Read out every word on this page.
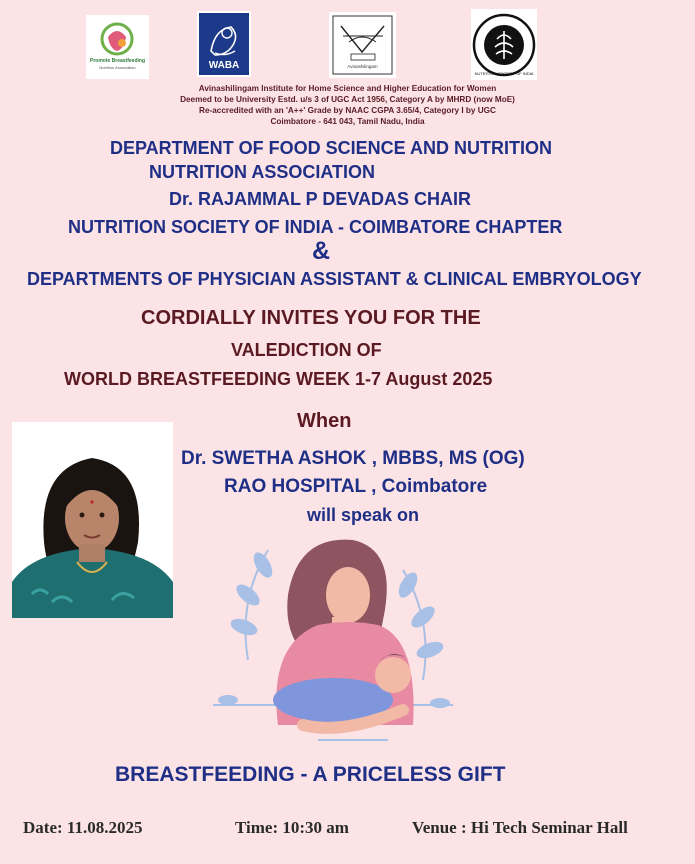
Promote Breastfeeding
Nutrition Association	WABA	Avinashilingam
NUTRITION SOCIETY OF INDIA
Avinashilingam Institute for Home Science and Higher Education for Women
Deemed to be University Estd. u/s 3 of UGC Act 1956, Category A by MHRD (now MoE)
Re-accredited with an 'A++' Grade by NAAC CGPA 3.65/4, Category I by UGC
Coimbatore - 641 043, Tamil Nadu, India
DEPARTMENT OF FOOD SCIENCE AND NUTRITION
NUTRITION ASSOCIATION
Dr. RAJAMMAL P DEVADAS CHAIR
NUTRITION SOCIETY OF INDIA - COIMBATORE CHAPTER
&
DEPARTMENTS OF PHYSICIAN ASSISTANT & CLINICAL EMBRYOLOGY
CORDIALLY INVITES YOU FOR THE
VALEDICTION OF
WORLD BREASTFEEDING WEEK 1-7 August 2025
When
Dr. SWETHA ASHOK , MBBS, MS (OG)
RAO HOSPITAL , Coimbatore
will speak on
BREASTFEEDING - A PRICELESS GIFT
Date: 11.08.2025	Time: 10:30 am	Venue : Hi Tech Seminar Hall
